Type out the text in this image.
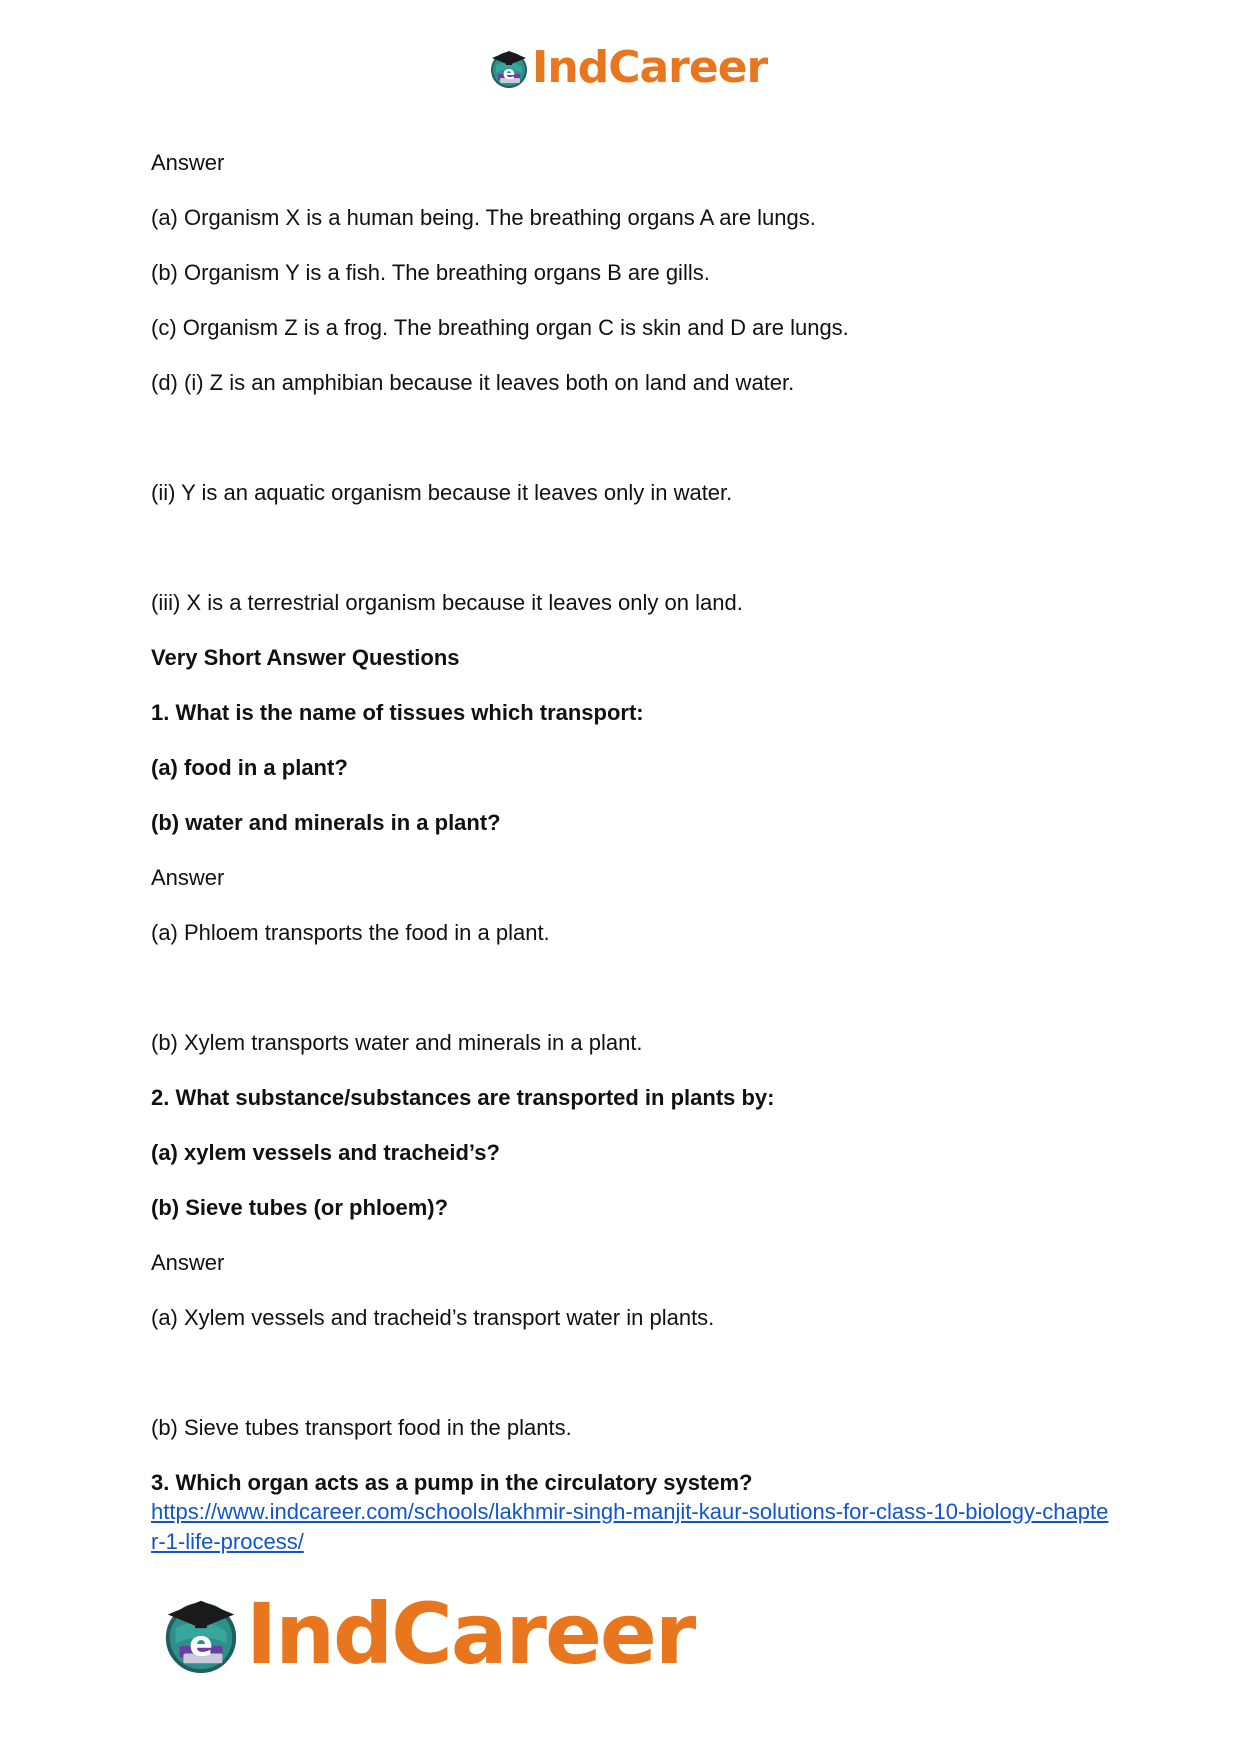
e IndCareer
Answer
(a) Organism X is a human being. The breathing organs A are lungs.
(b) Organism Y is a fish. The breathing organs B are gills.
(c) Organism Z is a frog. The breathing organ C is skin and D are lungs.
(d) (i) Z is an amphibian because it leaves both on land and water.
(ii) Y is an aquatic organism because it leaves only in water.
(iii) X is a terrestrial organism because it leaves only on land.
Very Short Answer Questions
1. What is the name of tissues which transport:
(a) food in a plant?
(b) water and minerals in a plant?
Answer
(a) Phloem transports the food in a plant.
(b) Xylem transports water and minerals in a plant.
2. What substance/substances are transported in plants by:
(a) xylem vessels and tracheid’s?
(b) Sieve tubes (or phloem)?
Answer
(a) Xylem vessels and tracheid’s transport water in plants.
(b) Sieve tubes transport food in the plants.
3. Which organ acts as a pump in the circulatory system?
https://www.indcareer.com/schools/lakhmir-singh-manjit-kaur-solutions-for-class-10-biology-chapter-1-life-process/
e IndCareer
